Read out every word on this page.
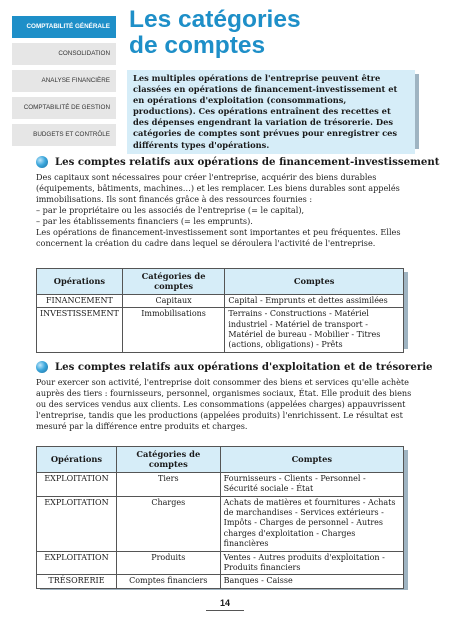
COMPTABILITÉ GÉNÉRALE
CONSOLIDATION
ANALYSE FINANCIÈRE
COMPTABILITÉ DE GESTION
BUDGETS ET CONTRÔLE
Les catégories
de comptes
Les multiples opérations de l'entreprise peuvent être classées en opérations de financement-investissement et en opérations d'exploitation (consommations, productions). Ces opérations entraînent des recettes et des dépenses engendrant la variation de trésorerie. Des catégories de comptes sont prévues pour enregistrer ces différents types d'opérations.
Les comptes relatifs aux opérations de financement-investissement

Des capitaux sont nécessaires pour créer l'entreprise, acquérir des biens durables (équipements, bâtiments, machines…) et les remplacer. Les biens durables sont appelés immobilisations. Ils sont financés grâce à des ressources fournies :

– par le propriétaire ou les associés de l'entreprise (= le capital),

– par les établissements financiers (= les emprunts).

Les opérations de financement-investissement sont importantes et peu fréquentes. Elles concernent la création du cadre dans lequel se déroulera l'activité de l'entreprise.

Opérations	Catégories de comptes	Comptes
FINANCEMENT	Capitaux	Capital - Emprunts et dettes assimilées
INVESTISSEMENT	Immobilisations	Terrains - Constructions - Matériel industriel - Matériel de transport - Matériel de bureau - Mobilier - Titres (actions, obligations) - Prêts
Les comptes relatifs aux opérations d'exploitation et de trésorerie

Pour exercer son activité, l'entreprise doit consommer des biens et services qu'elle achète auprès des tiers : fournisseurs, personnel, organismes sociaux, État. Elle produit des biens ou des services vendus aux clients. Les consommations (appelées charges) appauvrissent l'entreprise, tandis que les productions (appelées produits) l'enrichissent. Le résultat est mesuré par la différence entre produits et charges.

Opérations	Catégories de comptes	Comptes
EXPLOITATION	Tiers	Fournisseurs - Clients - Personnel - Sécurité sociale - État
EXPLOITATION	Charges	Achats de matières et fournitures - Achats de marchandises - Services extérieurs - Impôts - Charges de personnel - Autres charges d'exploitation - Charges financières
EXPLOITATION	Produits	Ventes - Autres produits d'exploitation - Produits financiers
TRÉSORERIE	Comptes financiers	Banques - Caisse
14
